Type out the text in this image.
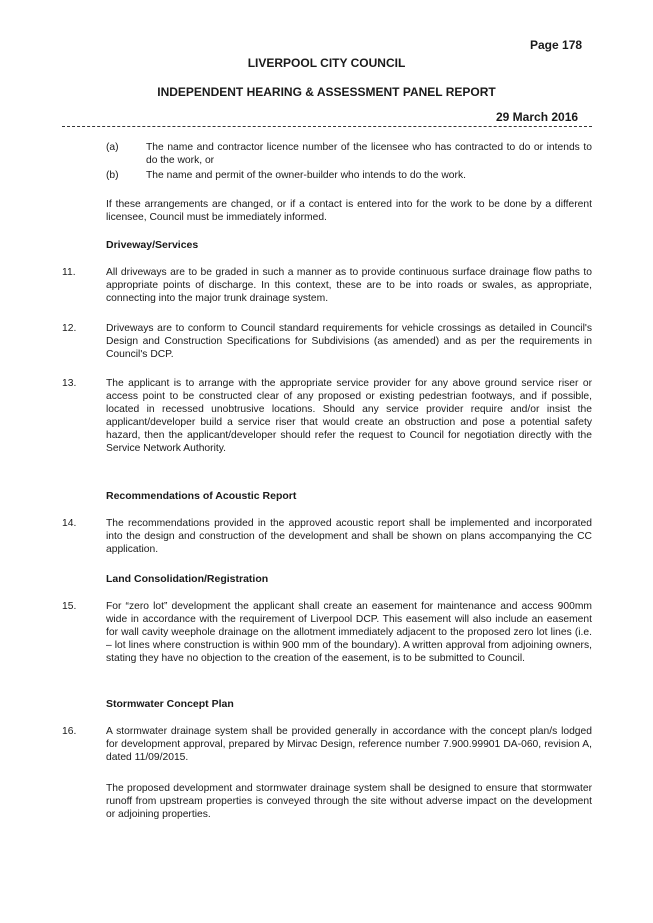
Page 178
LIVERPOOL CITY COUNCIL
INDEPENDENT HEARING & ASSESSMENT PANEL REPORT
29 March 2016
(a)	The name and contractor licence number of the licensee who has contracted to do or intends to do the work, or
(b)	The name and permit of the owner-builder who intends to do the work.
If these arrangements are changed, or if a contact is entered into for the work to be done by a different licensee, Council must be immediately informed.
Driveway/Services
11.	All driveways are to be graded in such a manner as to provide continuous surface drainage flow paths to appropriate points of discharge. In this context, these are to be into roads or swales, as appropriate, connecting into the major trunk drainage system.
12.	Driveways are to conform to Council standard requirements for vehicle crossings as detailed in Council's Design and Construction Specifications for Subdivisions (as amended) and as per the requirements in Council's DCP.
13.	The applicant is to arrange with the appropriate service provider for any above ground service riser or access point to be constructed clear of any proposed or existing pedestrian footways, and if possible, located in recessed unobtrusive locations. Should any service provider require and/or insist the applicant/developer build a service riser that would create an obstruction and pose a potential safety hazard, then the applicant/developer should refer the request to Council for negotiation directly with the Service Network Authority.
Recommendations of Acoustic Report
14.	The recommendations provided in the approved acoustic report shall be implemented and incorporated into the design and construction of the development and shall be shown on plans accompanying the CC application.
Land Consolidation/Registration
15.	For “zero lot” development the applicant shall create an easement for maintenance and access 900mm wide in accordance with the requirement of Liverpool DCP. This easement will also include an easement for wall cavity weephole drainage on the allotment immediately adjacent to the proposed zero lot lines (i.e. – lot lines where construction is within 900 mm of the boundary). A written approval from adjoining owners, stating they have no objection to the creation of the easement, is to be submitted to Council.
Stormwater Concept Plan
16.	A stormwater drainage system shall be provided generally in accordance with the concept plan/s lodged for development approval, prepared by Mirvac Design, reference number 7.900.99901 DA-060, revision A, dated 11/09/2015.
The proposed development and stormwater drainage system shall be designed to ensure that stormwater runoff from upstream properties is conveyed through the site without adverse impact on the development or adjoining properties.
